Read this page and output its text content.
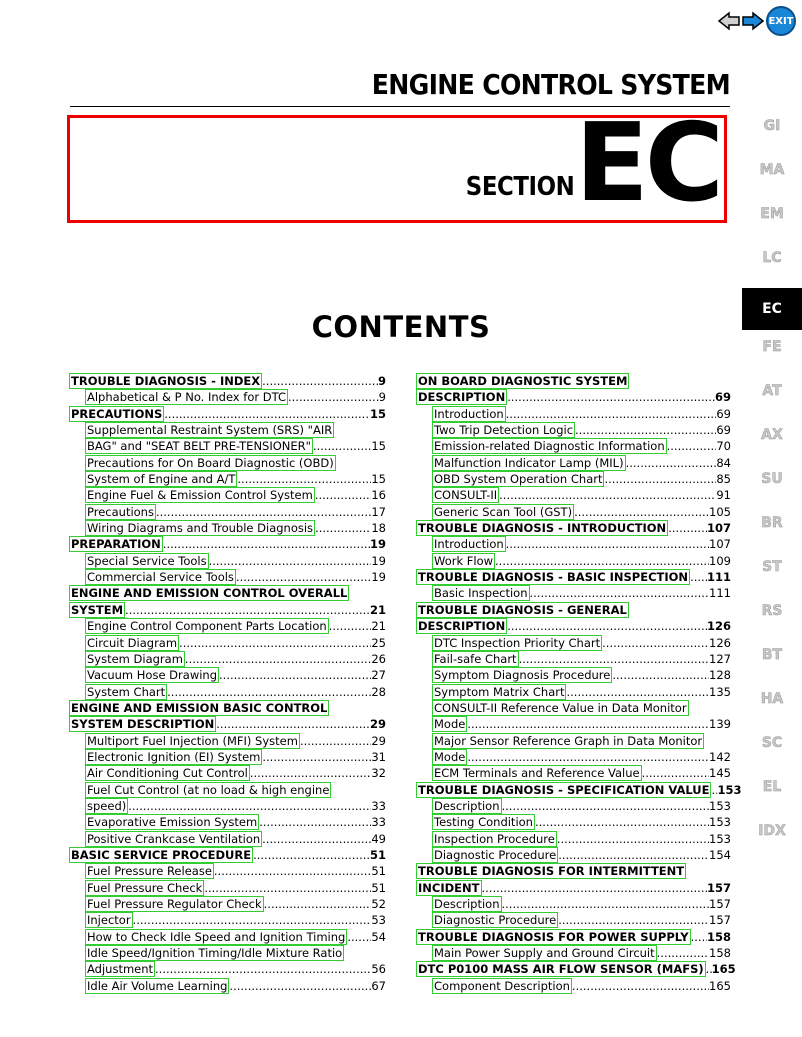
EXIT
ENGINE CONTROL SYSTEM
SECTION EC	GI
MA
EM
LC
EC
FE
AT
AX
SU
BR
ST
RS
BT
HA
SC
EL
IDX
CONTENTS
TROUBLE DIAGNOSIS - INDEX .....	9
Alphabetical & P No. Index for DTC .....	9
PRECAUTIONS .....	15
Supplemental Restraint System (SRS) "AIR
BAG" and "SEAT BELT PRE-TENSIONER" .....	15
Precautions for On Board Diagnostic (OBD)
System of Engine and A/T .....	15
Engine Fuel & Emission Control System .....	16
Precautions .....	17
Wiring Diagrams and Trouble Diagnosis .....	18
PREPARATION .....	19
Special Service Tools .....	19
Commercial Service Tools .....	19
ENGINE AND EMISSION CONTROL OVERALL
SYSTEM .....	21
Engine Control Component Parts Location .....	21
Circuit Diagram .....	25
System Diagram .....	26
Vacuum Hose Drawing .....	27
System Chart .....	28
ENGINE AND EMISSION BASIC CONTROL
SYSTEM DESCRIPTION .....	29
Multiport Fuel Injection (MFI) System .....	29
Electronic Ignition (EI) System .....	31
Air Conditioning Cut Control .....	32
Fuel Cut Control (at no load & high engine
speed) .....	33
Evaporative Emission System .....	33
Positive Crankcase Ventilation .....	49
BASIC SERVICE PROCEDURE .....	51
Fuel Pressure Release .....	51
Fuel Pressure Check .....	51
Fuel Pressure Regulator Check .....	52
Injector .....	53
How to Check Idle Speed and Ignition Timing ..... 54
Idle Speed/Ignition Timing/Idle Mixture Ratio
Adjustment .....	56
Idle Air Volume Learning .....	67
ON BOARD DIAGNOSTIC SYSTEM
DESCRIPTION .....	69
Introduction .....	69
Two Trip Detection Logic .....	69
Emission-related Diagnostic Information .....	70
Malfunction Indicator Lamp (MIL) .....	84
OBD System Operation Chart .....	85
CONSULT-II .....	91
Generic Scan Tool (GST) .....	105
TROUBLE DIAGNOSIS - INTRODUCTION .....	107
Introduction .....	107
Work Flow .....	109
TROUBLE DIAGNOSIS - BASIC INSPECTION ..... 111
Basic Inspection .....	111
TROUBLE DIAGNOSIS - GENERAL
DESCRIPTION .....	126
DTC Inspection Priority Chart .....	126
Fail-safe Chart .....	127
Symptom Diagnosis Procedure .....	128
Symptom Matrix Chart .....	135
CONSULT-II Reference Value in Data Monitor
Mode .....	139
Major Sensor Reference Graph in Data Monitor
Mode .....	142
ECM Terminals and Reference Value .....	145
TROUBLE DIAGNOSIS - SPECIFICATION VALUE ..... 153
Description .....	153
Testing Condition .....	153
Inspection Procedure .....	153
Diagnostic Procedure .....	154
TROUBLE DIAGNOSIS FOR INTERMITTENT
INCIDENT .....	157
Description .....	157
Diagnostic Procedure .....	157
TROUBLE DIAGNOSIS FOR POWER SUPPLY ..... 158
Main Power Supply and Ground Circuit .....	158
DTC P0100 MASS AIR FLOW SENSOR (MAFS) ..... 165
Component Description .....	165
